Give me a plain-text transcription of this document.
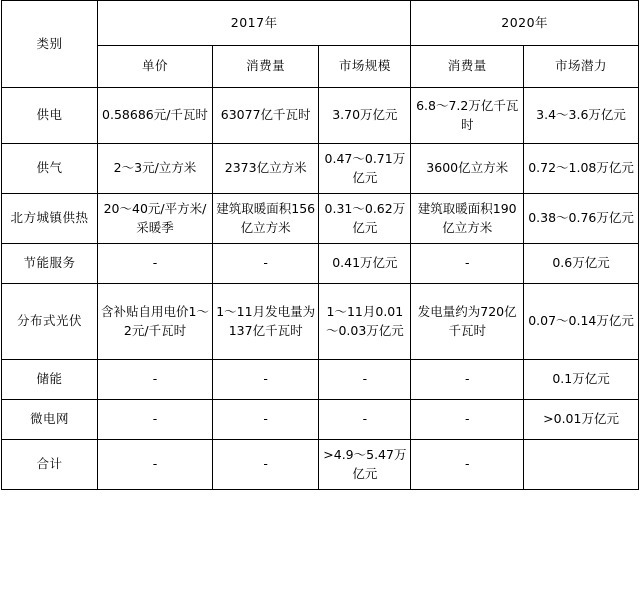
类别	2017年			2020年	
	单价	消费量	市场规模	消费量	市场潜力
供电	0.58686元/千瓦时	63077亿千瓦时	3.70万亿元	6.8～7.2万亿千瓦时	3.4～3.6万亿元
供气	2～3元/立方米	2373亿立方米	0.47～0.71万亿元	3600亿立方米	0.72～1.08万亿元
北方城镇供热	20～40元/平方米/采暖季	建筑取暖面积156亿立方米	0.31～0.62万亿元	建筑取暖面积190亿立方米	0.38～0.76万亿元
节能服务	-	-	0.41万亿元	-	0.6万亿元
分布式光伏	含补贴自用电价1～2元/千瓦时	1～11月发电量为137亿千瓦时	1～11月0.01～0.03万亿元	发电量约为720亿千瓦时	0.07～0.14万亿元
储能	-	-	-	-	0.1万亿元
微电网	-	-	-	-	>0.01万亿元
合计	-	-	>4.9～5.47万亿元	-	
